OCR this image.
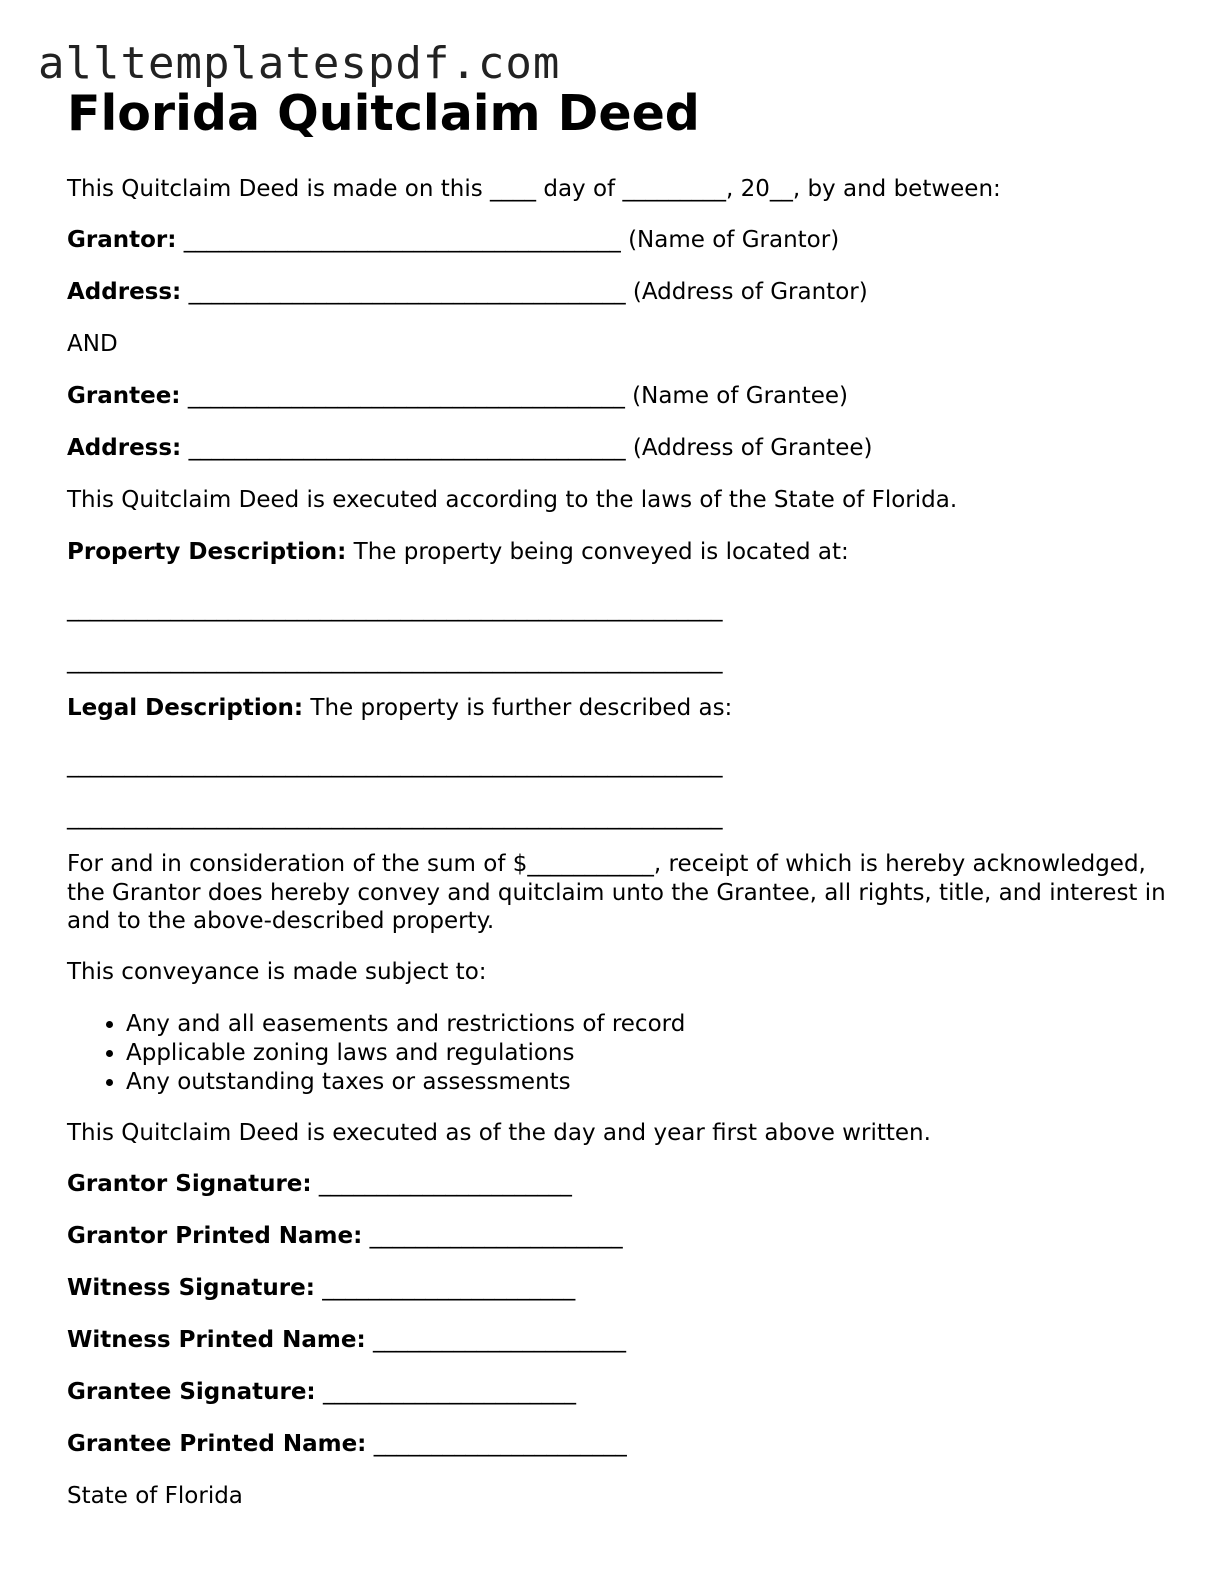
alltemplatespdf.com
Florida Quitclaim Deed
This Quitclaim Deed is made on this ____ day of _________, 20__, by and between:
Grantor: ______________________________________ (Name of Grantor)
Address: ______________________________________ (Address of Grantor)
AND
Grantee: ______________________________________ (Name of Grantee)
Address: ______________________________________ (Address of Grantee)
This Quitclaim Deed is executed according to the laws of the State of Florida.
Property Description: The property being conveyed is located at:
_________________________________________________________
_________________________________________________________
Legal Description: The property is further described as:
_________________________________________________________
_________________________________________________________
For and in consideration of the sum of $___________, receipt of which is hereby acknowledged, the Grantor does hereby convey and quitclaim unto the Grantee, all rights, title, and interest in and to the above-described property.
This conveyance is made subject to:
• Any and all easements and restrictions of record
• Applicable zoning laws and regulations
• Any outstanding taxes or assessments
This Quitclaim Deed is executed as of the day and year first above written.
Grantor Signature: ______________________
Grantor Printed Name: ______________________
Witness Signature: ______________________
Witness Printed Name: ______________________
Grantee Signature: ______________________
Grantee Printed Name: ______________________
State of Florida
